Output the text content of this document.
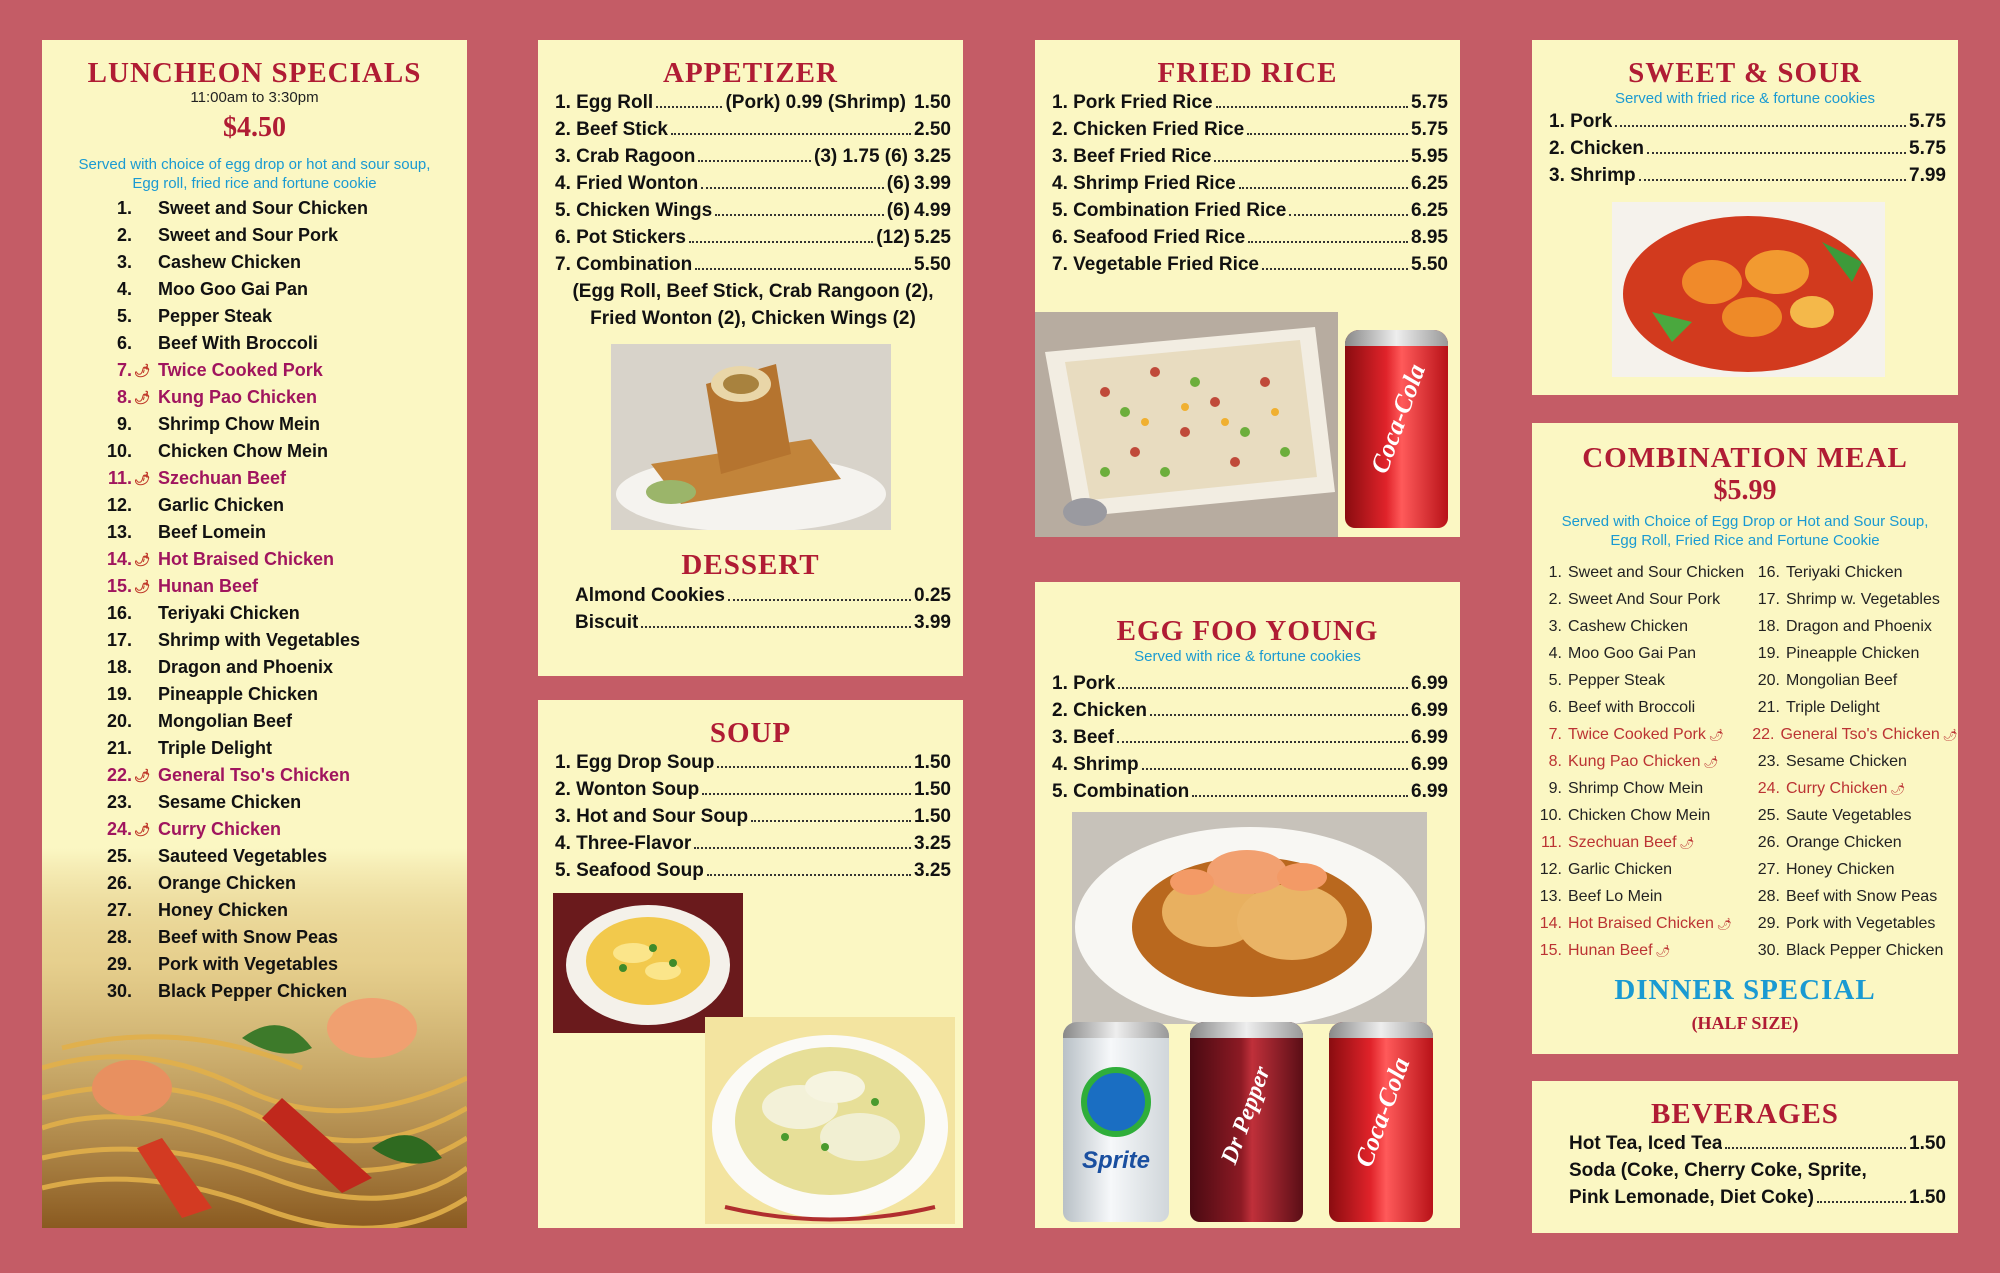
LUNCHEON SPECIALS
11:00am to 3:30pm
$4.50
Served with choice of egg drop or hot and sour soup,
Egg roll, fried rice and fortune cookie
1. Sweet and Sour Chicken
2. Sweet and Sour Pork
3. Cashew Chicken
4. Moo Goo Gai Pan
5. Pepper Steak
6. Beef With Broccoli
7. 🌶 Twice Cooked Pork
8. 🌶 Kung Pao Chicken
9. Shrimp Chow Mein
10. Chicken Chow Mein
11. 🌶 Szechuan Beef
12. Garlic Chicken
13. Beef Lomein
14. 🌶 Hot Braised Chicken
15. 🌶 Hunan Beef
16. Teriyaki Chicken
17. Shrimp with Vegetables
18. Dragon and Phoenix
19. Pineapple Chicken
20. Mongolian Beef
21. Triple Delight
22. 🌶 General Tso's Chicken
23. Sesame Chicken
24. 🌶 Curry Chicken
25. Sauteed Vegetables
26. Orange Chicken
27. Honey Chicken
28. Beef with Snow Peas
29. Pork with Vegetables
30. Black Pepper Chicken
APPETIZER
1. Egg Roll	(Pork) 0.99 (Shrimp) 1.50
2. Beef Stick	2.50
3. Crab Ragoon	(3) 1.75 (6) 3.25
4. Fried Wonton	(6) 3.99
5. Chicken Wings	(6) 4.99
6. Pot Stickers	(12) 5.25
7. Combination	5.50
(Egg Roll, Beef Stick, Crab Rangoon (2),
Fried Wonton (2), Chicken Wings (2)
DESSERT
Almond Cookies	0.25
Biscuit	3.99
SOUP
1. Egg Drop Soup	1.50
2. Wonton Soup	1.50
3. Hot and Sour Soup	1.50
4. Three-Flavor	3.25
5. Seafood Soup	3.25
FRIED RICE
1. Pork Fried Rice	5.75
2. Chicken Fried Rice	5.75
3. Beef Fried Rice	5.95
4. Shrimp Fried Rice	6.25
5. Combination Fried Rice	6.25
6. Seafood Fried Rice	8.95
7. Vegetable Fried Rice	5.50
Coca-Cola
EGG FOO YOUNG
Served with rice & fortune cookies
1. Pork	6.99
2. Chicken	6.99
3. Beef	6.99
4. Shrimp	6.99
5. Combination	6.99
Sprite	Dr Pepper	Coca-Cola
SWEET & SOUR
Served with fried rice & fortune cookies
1. Pork	5.75
2. Chicken	5.75
3. Shrimp	7.99
COMBINATION MEAL
$5.99
Served with Choice of Egg Drop or Hot and Sour Soup,
Egg Roll, Fried Rice and Fortune Cookie
1. Sweet and Sour Chicken
2. Sweet And Sour Pork
3. Cashew Chicken
4. Moo Goo Gai Pan
5. Pepper Steak
6. Beef with Broccoli
7. Twice Cooked Pork 🌶
8. Kung Pao Chicken 🌶
9. Shrimp Chow Mein
10. Chicken Chow Mein
11. Szechuan Beef 🌶
12. Garlic Chicken
13. Beef Lo Mein
14. Hot Braised Chicken 🌶
15. Hunan Beef 🌶
16. Teriyaki Chicken
17. Shrimp w. Vegetables
18. Dragon and Phoenix
19. Pineapple Chicken
20. Mongolian Beef
21. Triple Delight
22. General Tso's Chicken 🌶
23. Sesame Chicken
24. Curry Chicken 🌶
25. Saute Vegetables
26. Orange Chicken
27. Honey Chicken
28. Beef with Snow Peas
29. Pork with Vegetables
30. Black Pepper Chicken
DINNER SPECIAL
(HALF SIZE)
BEVERAGES
Hot Tea, Iced Tea	1.50
Soda (Coke, Cherry Coke, Sprite,
Pink Lemonade, Diet Coke)	1.50
